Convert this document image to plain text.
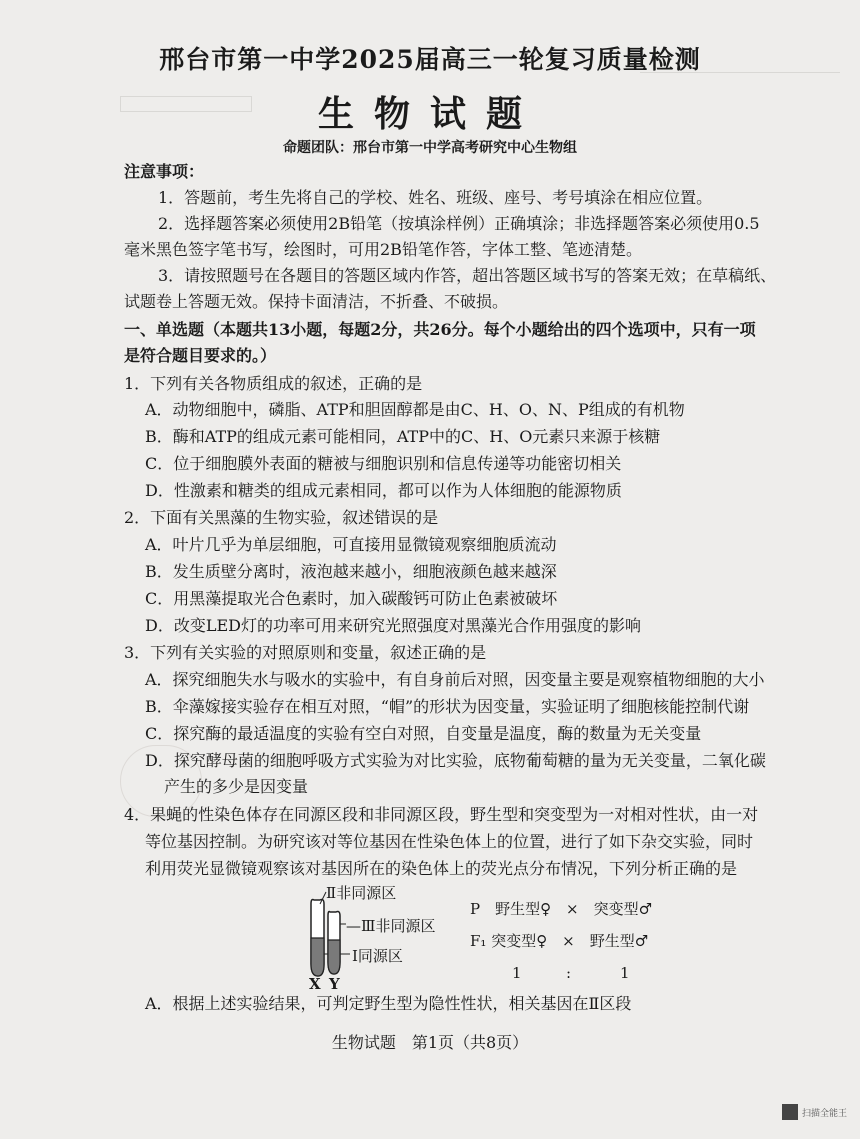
邢台市第一中学2025届高三一轮复习质量检测
生物试题
命题团队：邢台市第一中学高考研究中心生物组
注意事项：
1．答题前，考生先将自己的学校、姓名、班级、座号、考号填涂在相应位置。
2．选择题答案必须使用2B铅笔（按填涂样例）正确填涂；非选择题答案必须使用0.5
毫米黑色签字笔书写，绘图时，可用2B铅笔作答，字体工整、笔迹清楚。
3．请按照题号在各题目的答题区域内作答，超出答题区域书写的答案无效；在草稿纸、
试题卷上答题无效。保持卡面清洁，不折叠、不破损。
一、单选题（本题共13小题，每题2分，共26分。每个小题给出的四个选项中，只有一项
是符合题目要求的。）
1．下列有关各物质组成的叙述，正确的是
A．动物细胞中，磷脂、ATP和胆固醇都是由C、H、O、N、P组成的有机物
B．酶和ATP的组成元素可能相同，ATP中的C、H、O元素只来源于核糖
C．位于细胞膜外表面的糖被与细胞识别和信息传递等功能密切相关
D．性激素和糖类的组成元素相同，都可以作为人体细胞的能源物质
2．下面有关黑藻的生物实验，叙述错误的是
A．叶片几乎为单层细胞，可直接用显微镜观察细胞质流动
B．发生质壁分离时，液泡越来越小，细胞液颜色越来越深
C．用黑藻提取光合色素时，加入碳酸钙可防止色素被破坏
D．改变LED灯的功率可用来研究光照强度对黑藻光合作用强度的影响
3．下列有关实验的对照原则和变量，叙述正确的是
A．探究细胞失水与吸水的实验中，有自身前后对照，因变量主要是观察植物细胞的大小
B．伞藻嫁接实验存在相互对照，“帽”的形状为因变量，实验证明了细胞核能控制代谢
C．探究酶的最适温度的实验有空白对照，自变量是温度，酶的数量为无关变量
D．探究酵母菌的细胞呼吸方式实验为对比实验，底物葡萄糖的量为无关变量，二氧化碳
产生的多少是因变量
4．果蝇的性染色体存在同源区段和非同源区段，野生型和突变型为一对相对性状，由一对
等位基因控制。为研究该对等位基因在性染色体上的位置，进行了如下杂交实验，同时
利用荧光显微镜观察该对基因所在的染色体上的荧光点分布情况，下列分析正确的是
Ⅱ非同源区
—Ⅲ非同源区
Ⅰ同源区
X Y
P　野生型♀　×　突变型♂
F₁ 突变型♀　×　野生型♂
1	:	1
A．根据上述实验结果，可判定野生型为隐性性状，相关基因在Ⅱ区段
生物试题　第1页（共8页）
扫描全能王
